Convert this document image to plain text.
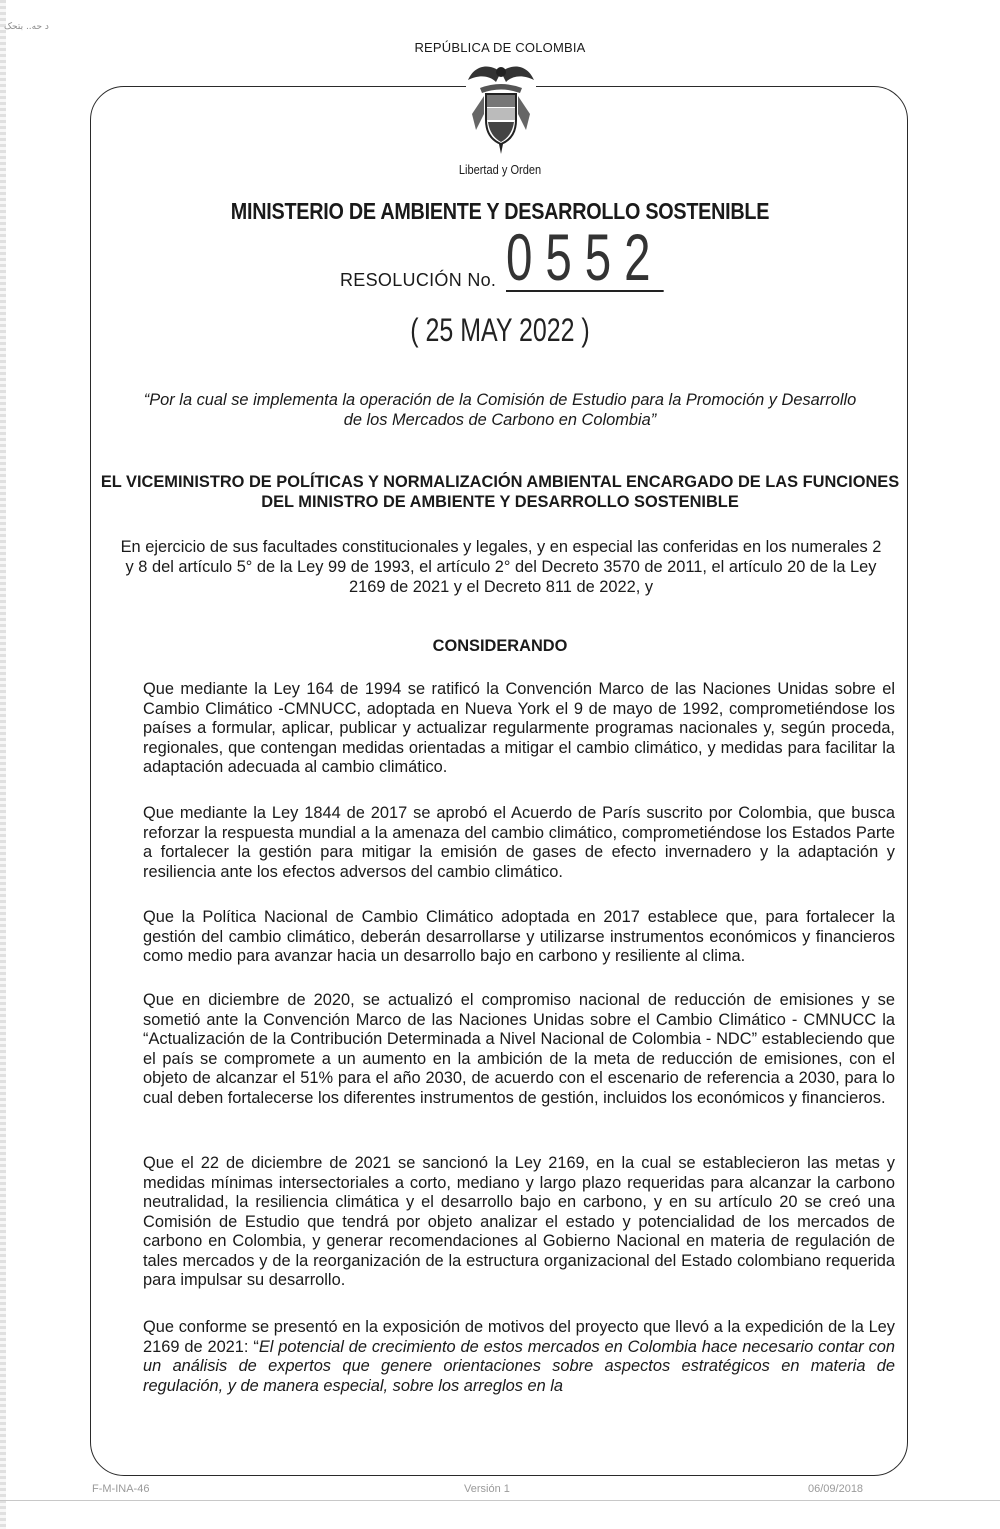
د حه.. بتحک
REPÚBLICA DE COLOMBIA
Libertad y Orden
MINISTERIO DE AMBIENTE Y DESARROLLO SOSTENIBLE
RESOLUCIÓN No. 0552
( 25 MAY 2022 )
“Por la cual se implementa la operación de la Comisión de Estudio para la Promoción y Desarrollo de los Mercados de Carbono en Colombia”
EL VICEMINISTRO DE POLÍTICAS Y NORMALIZACIÓN AMBIENTAL ENCARGADO DE LAS FUNCIONES DEL MINISTRO DE AMBIENTE Y DESARROLLO SOSTENIBLE
En ejercicio de sus facultades constitucionales y legales, y en especial las conferidas en los numerales 2 y 8 del artículo 5° de la Ley 99 de 1993, el artículo 2° del Decreto 3570 de 2011, el artículo 20 de la Ley 2169 de 2021 y el Decreto 811 de 2022, y
CONSIDERANDO

Que mediante la Ley 164 de 1994 se ratificó la Convención Marco de las Naciones Unidas sobre el Cambio Climático -CMNUCC, adoptada en Nueva York el 9 de mayo de 1992, comprometiéndose los países a formular, aplicar, publicar y actualizar regularmente programas nacionales y, según proceda, regionales, que contengan medidas orientadas a mitigar el cambio climático, y medidas para facilitar la adaptación adecuada al cambio climático.

Que mediante la Ley 1844 de 2017 se aprobó el Acuerdo de París suscrito por Colombia, que busca reforzar la respuesta mundial a la amenaza del cambio climático, comprometiéndose los Estados Parte a fortalecer la gestión para mitigar la emisión de gases de efecto invernadero y la adaptación y resiliencia ante los efectos adversos del cambio climático.

Que la Política Nacional de Cambio Climático adoptada en 2017 establece que, para fortalecer la gestión del cambio climático, deberán desarrollarse y utilizarse instrumentos económicos y financieros como medio para avanzar hacia un desarrollo bajo en carbono y resiliente al clima.

Que en diciembre de 2020, se actualizó el compromiso nacional de reducción de emisiones y se sometió ante la Convención Marco de las Naciones Unidas sobre el Cambio Climático - CMNUCC la “Actualización de la Contribución Determinada a Nivel Nacional de Colombia - NDC” estableciendo que el país se compromete a un aumento en la ambición de la meta de reducción de emisiones, con el objeto de alcanzar el 51% para el año 2030, de acuerdo con el escenario de referencia a 2030, para lo cual deben fortalecerse los diferentes instrumentos de gestión, incluidos los económicos y financieros.

Que el 22 de diciembre de 2021 se sancionó la Ley 2169, en la cual se establecieron las metas y medidas mínimas intersectoriales a corto, mediano y largo plazo requeridas para alcanzar la carbono neutralidad, la resiliencia climática y el desarrollo bajo en carbono, y en su artículo 20 se creó una Comisión de Estudio que tendrá por objeto analizar el estado y potencialidad de los mercados de carbono en Colombia, y generar recomendaciones al Gobierno Nacional en materia de regulación de tales mercados y de la reorganización de la estructura organizacional del Estado colombiano requerida para impulsar su desarrollo.

Que conforme se presentó en la exposición de motivos del proyecto que llevó a la expedición de la Ley 2169 de 2021: “El potencial de crecimiento de estos mercados en Colombia hace necesario contar con un análisis de expertos que genere orientaciones sobre aspectos estratégicos en materia de regulación, y de manera especial, sobre los arreglos en la

F-M-INA-46	Versión 1	06/09/2018
